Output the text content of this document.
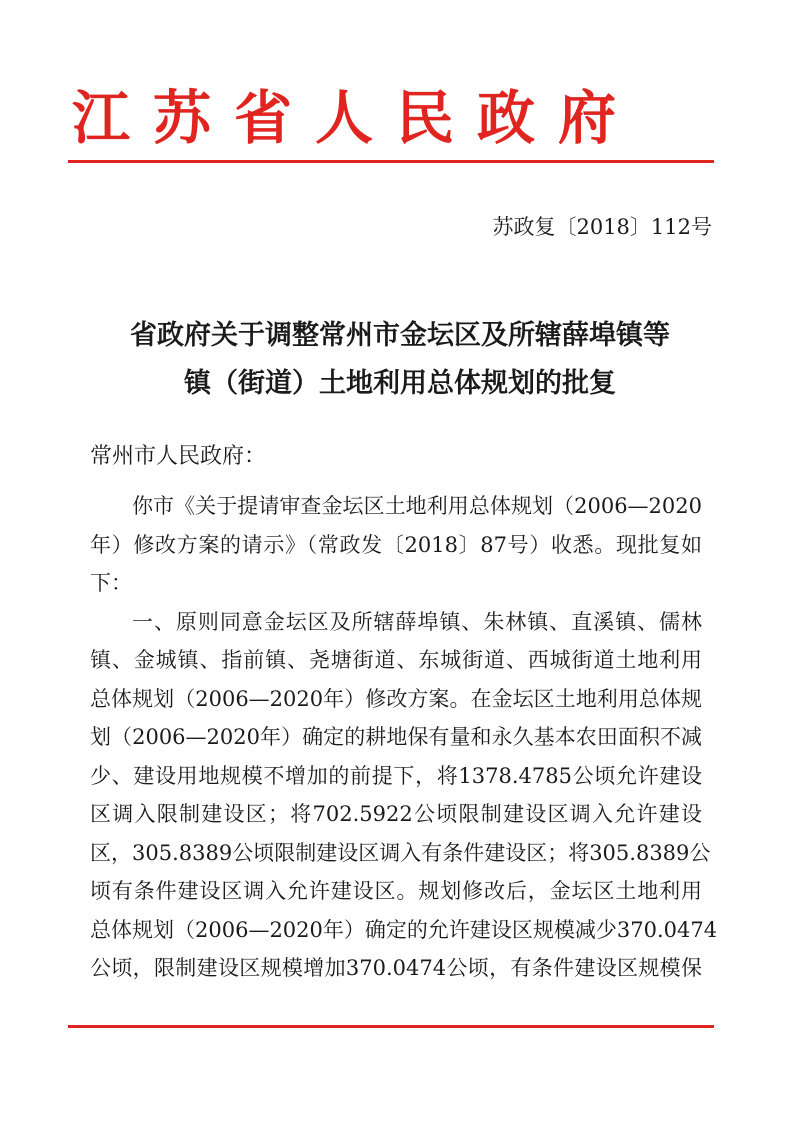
江苏省人民政府
苏政复〔2018〕112号
省政府关于调整常州市金坛区及所辖薛埠镇等
镇（街道）土地利用总体规划的批复
常州市人民政府：
你市《关于提请审查金坛区土地利用总体规划（2006—2020
年）修改方案的请示》（常政发〔2018〕87号）收悉。现批复如
下：
一、原则同意金坛区及所辖薛埠镇、朱林镇、直溪镇、儒林
镇、金城镇、指前镇、尧塘街道、东城街道、西城街道土地利用
总体规划（2006—2020年）修改方案。在金坛区土地利用总体规
划（2006—2020年）确定的耕地保有量和永久基本农田面积不减
少、建设用地规模不增加的前提下，将1378.4785公顷允许建设
区调入限制建设区；将702.5922公顷限制建设区调入允许建设
区，305.8389公顷限制建设区调入有条件建设区；将305.8389公
顷有条件建设区调入允许建设区。规划修改后，金坛区土地利用
总体规划（2006—2020年）确定的允许建设区规模减少370.0474
公顷，限制建设区规模增加370.0474公顷，有条件建设区规模保
